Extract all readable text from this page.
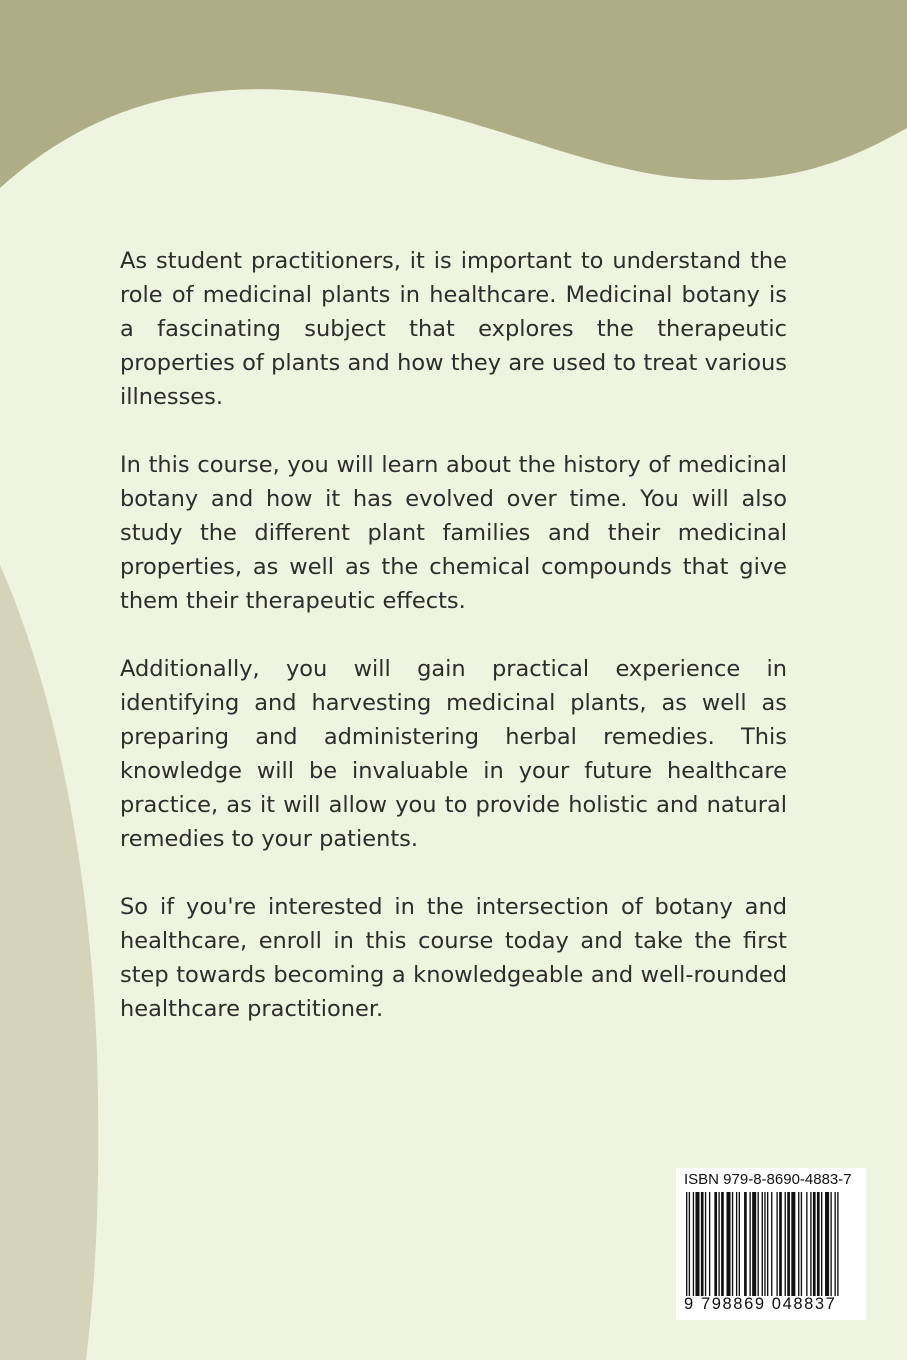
As student practitioners, it is important to understand the role of medicinal plants in healthcare. Medicinal botany is a fascinating subject that explores the therapeutic properties of plants and how they are used to treat various illnesses.

In this course, you will learn about the history of medicinal botany and how it has evolved over time. You will also study the different plant families and their medicinal properties, as well as the chemical compounds that give them their therapeutic effects.

Additionally, you will gain practical experience in identifying and harvesting medicinal plants, as well as preparing and administering herbal remedies. This knowledge will be invaluable in your future healthcare practice, as it will allow you to provide holistic and natural remedies to your patients.

So if you're interested in the intersection of botany and healthcare, enroll in this course today and take the first step towards becoming a knowledgeable and well-rounded healthcare practitioner.

ISBN 979-8-8690-4883-7
9 798869 048837
